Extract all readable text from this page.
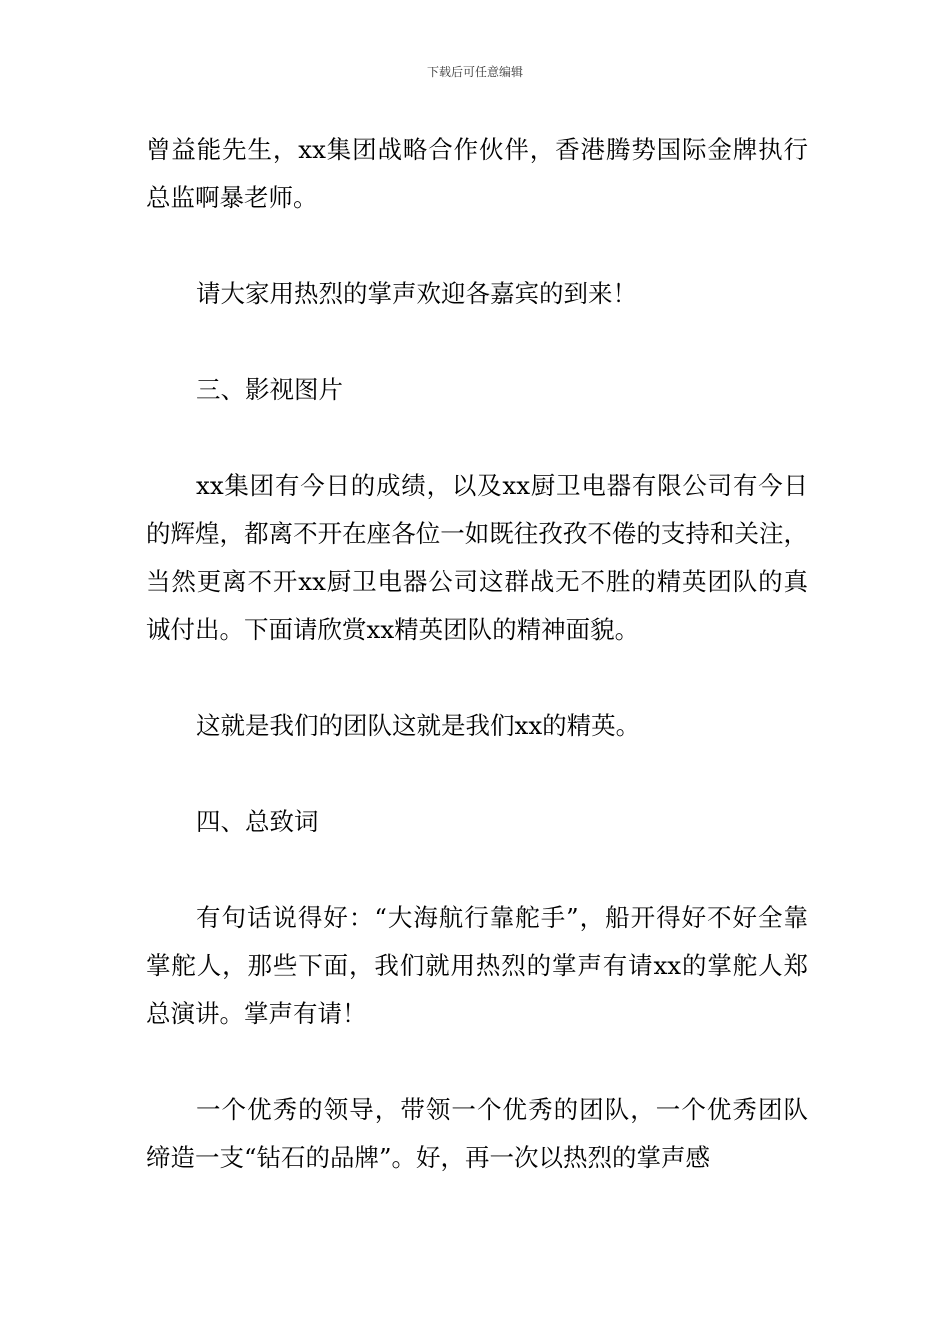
下载后可任意编辑

曾益能先生，xx集团战略合作伙伴，香港腾势国际金牌执行总监啊暴老师。

请大家用热烈的掌声欢迎各嘉宾的到来！

三、影视图片

xx集团有今日的成绩，以及xx厨卫电器有限公司有今日的辉煌，都离不开在座各位一如既往孜孜不倦的支持和关注，当然更离不开xx厨卫电器公司这群战无不胜的精英团队的真诚付出。下面请欣赏xx精英团队的精神面貌。

这就是我们的团队这就是我们xx的精英。

四、总致词

有句话说得好：“大海航行靠舵手”，船开得好不好全靠掌舵人，那些下面，我们就用热烈的掌声有请xx的掌舵人郑总演讲。掌声有请！

一个优秀的领导，带领一个优秀的团队，一个优秀团队缔造一支“钻石的品牌”。好，再一次以热烈的掌声感
